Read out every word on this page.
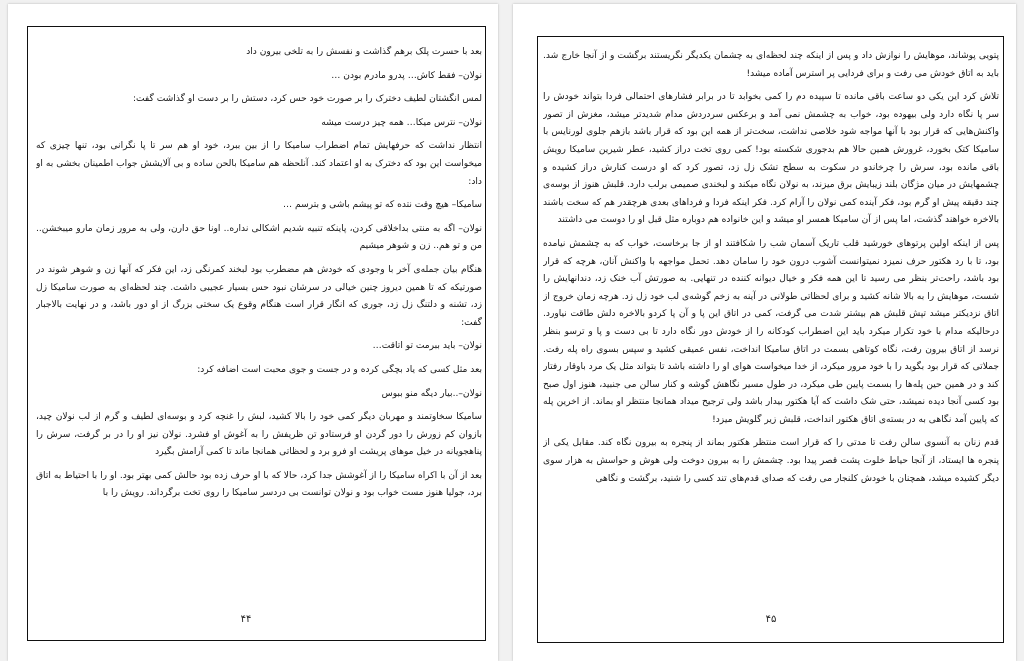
بعد با حسرت پلک برهم گذاشت و نفسش را به تلخی بیرون داد

نولان– فقط کاش… پدرو مادرم بودن …

لمس انگشتان لطیف دخترک را بر صورت خود حس کرد، دستش را بر دست او گذاشت گفت:

نولان– نترس میکا… همه چیز درست میشه

انتظار نداشت که حرفهایش تمام اضطراب سامیکا را از بین ببرد، خود او هم سر تا پا نگرانی بود، تنها چیزی که میخواست این بود که دخترک به او اعتماد کند. آنلحظه هم سامیکا بالحن ساده و بی آلایشش جواب اطمینان بخشی به او داد:

سامیکا– هیچ وقت نتده که تو پیشم باشی و بترسم …

نولان– اگه به منتی بداخلاقی کردن، پاینکه تنبیه شدیم اشکالی نداره.. اونا حق دارن، ولی به مرور زمان مارو میبخشن.. من و تو هم.. زن و شوهر میشیم

هنگام بیان جمله‌ی آخر با وجودی که خودش هم مضطرب بود لبخند کمرنگی زد، این فکر که آنها زن و شوهر شوند در صورتیکه که تا همین دیروز چنین خیالی در سرشان نبود حس بسیار عجیبی داشت. چند لحظه‌ای به صورت سامیکا زل زد، تشنه و دلتنگ زل زد، جوری که انگار قرار است هنگام وقوع یک سختی بزرگ از او دور باشد، و در نهایت بالاجبار گفت:

نولان– باید ببرمت تو اتاقت…

بعد مثل کسی که یاد بچگی کرده و در جست و جوی محبت است اضافه کرد:

نولان–..بیار دیگه منو ببوس

سامیکا سخاوتمند و مهربان دیگر کمی خود را بالا کشید، لبش را غنچه کرد و بوسه‌ای لطیف و گرم از لب نولان چید، بازوان کم زورش را دور گردن او فرستادو تن ظریفش را به آغوش او فشرد. نولان نیز او را در بر گرفت، سرش را پناهجویانه در خیل موهای پریشت او فرو برد و لحظاتی همانجا ماند تا کمی آرامش بگیرد

بعد از آن با اکراه سامیکا را از آغوشش جدا کرد، حالا که با او حرف زده بود حالش کمی بهتر بود. او را با احتیاط به اتاق برد، جولیا هنوز مست خواب بود و نولان توانست بی دردسر سامیکا را روی تخت برگرداند. رویش را با

۴۴

پتویی پوشاند، موهایش را نوازش داد و پس از اینکه چند لحظه‌ای به چشمان یکدیگر نگریستند برگشت و از آنجا خارج شد. باید به اتاق خودش می رفت و برای فردایی پر استرس آماده میشد!

تلاش کرد این یکی دو ساعت باقی مانده تا سپیده دم را کمی بخوابد تا در برابر فشارهای احتمالی فردا بتواند خودش را سر پا نگاه دارد ولی بیهوده بود، خواب به چشمش نمی آمد و برعکس سردردش مدام شدیدتر میشد، مغزش از تصور واکنش‌هایی که قرار بود با آنها مواجه شود خلاصی نداشت، سخت‌تر از همه این بود که قرار باشد بازهم جلوی لورنایس با سامیکا کتک بخورد، غرورش همین حالا هم بدجوری شکسته بود! کمی روی تخت دراز کشید، عطر شیرین سامیکا رویش باقی مانده بود، سرش را چرخاندو در سکوت به سطح تشک زل زد، تصور کرد که او درست کنارش دراز کشیده و چشمهایش در میان مژگان بلند زیبایش برق میزند، به نولان نگاه میکند و لبخندی صمیمی برلب دارد. قلبش هنوز از بوسه‌ی چند دقیقه پیش او گرم بود، فکر آینده کمی نولان را آرام کرد. فکر اینکه فردا و فرداهای بعدی هرچقدر هم که سخت باشند بالاخره خواهند گذشت، اما پس از آن سامیکا همسر او میشد و این خانواده هم دوباره مثل قبل او را دوست می داشتند

پس از اینکه اولین پرتوهای خورشید قلب تاریک آسمان شب را شکافتند او از جا برخاست، خواب که به چشمش نیامده بود، تا با رد هکتور حرف نمیزد نمیتوانست آشوب درون خود را سامان دهد. تحمل مواجهه با واکنش آنان، هرچه که قرار بود باشد، راحت‌تر بنظر می رسید تا این همه فکر و خیال دیوانه کننده در تنهایی. به صورتش آب خنک زد، دندانهایش را شست، موهایش را به بالا شانه کشید و برای لحظاتی طولانی در آینه به زخم گوشه‌ی لب خود زل زد. هرچه زمان خروج از اتاق نزدیکتر میشد تپش قلبش هم بیشتر شدت می گرفت، کمی در اتاق این پا و آن پا کردو بالاخره دلش طاقت نیاورد. درحالیکه مدام با خود تکرار میکرد باید این اضطراب کودکانه را از خودش دور نگاه دارد تا بی دست و پا و ترسو بنظر نرسد از اتاق بیرون رفت، نگاه کوتاهی بسمت در اتاق سامیکا انداخت، نفس عمیقی کشید و سپس بسوی راه پله رفت. جملاتی که قرار بود بگوید را با خود مرور میکرد، از خدا میخواست هوای او را داشته باشد تا بتواند مثل یک مرد باوقار رفتار کند و در همین حین پله‌ها را بسمت پایین طی میکرد، در طول مسیر نگاهش گوشه و کنار سالن می جنبید، هنوز اول صبح بود کسی آنجا دیده نمیشد، حتی شک داشت که آیا هکتور بیدار باشد ولی ترجیح میداد همانجا منتظر او بماند. از اخرین پله که پایین آمد نگاهی به در بسته‌ی اتاق هکتور انداخت، قلبش زیر گلویش میزد!

قدم زنان به آنسوی سالن رفت تا مدتی را که قرار است منتظر هکتور بماند از پنجره به بیرون نگاه کند. مقابل یکی از پنجره ها ایستاد، از آنجا حیاط خلوت پشت قصر پیدا بود. چشمش را به بیرون دوخت ولی هوش و حواسش به هزار سوی دیگر کشیده میشد، همچنان با خودش کلنجار می رفت که صدای قدم‌های تند کسی را شنید، برگشت و نگاهی

۴۵
